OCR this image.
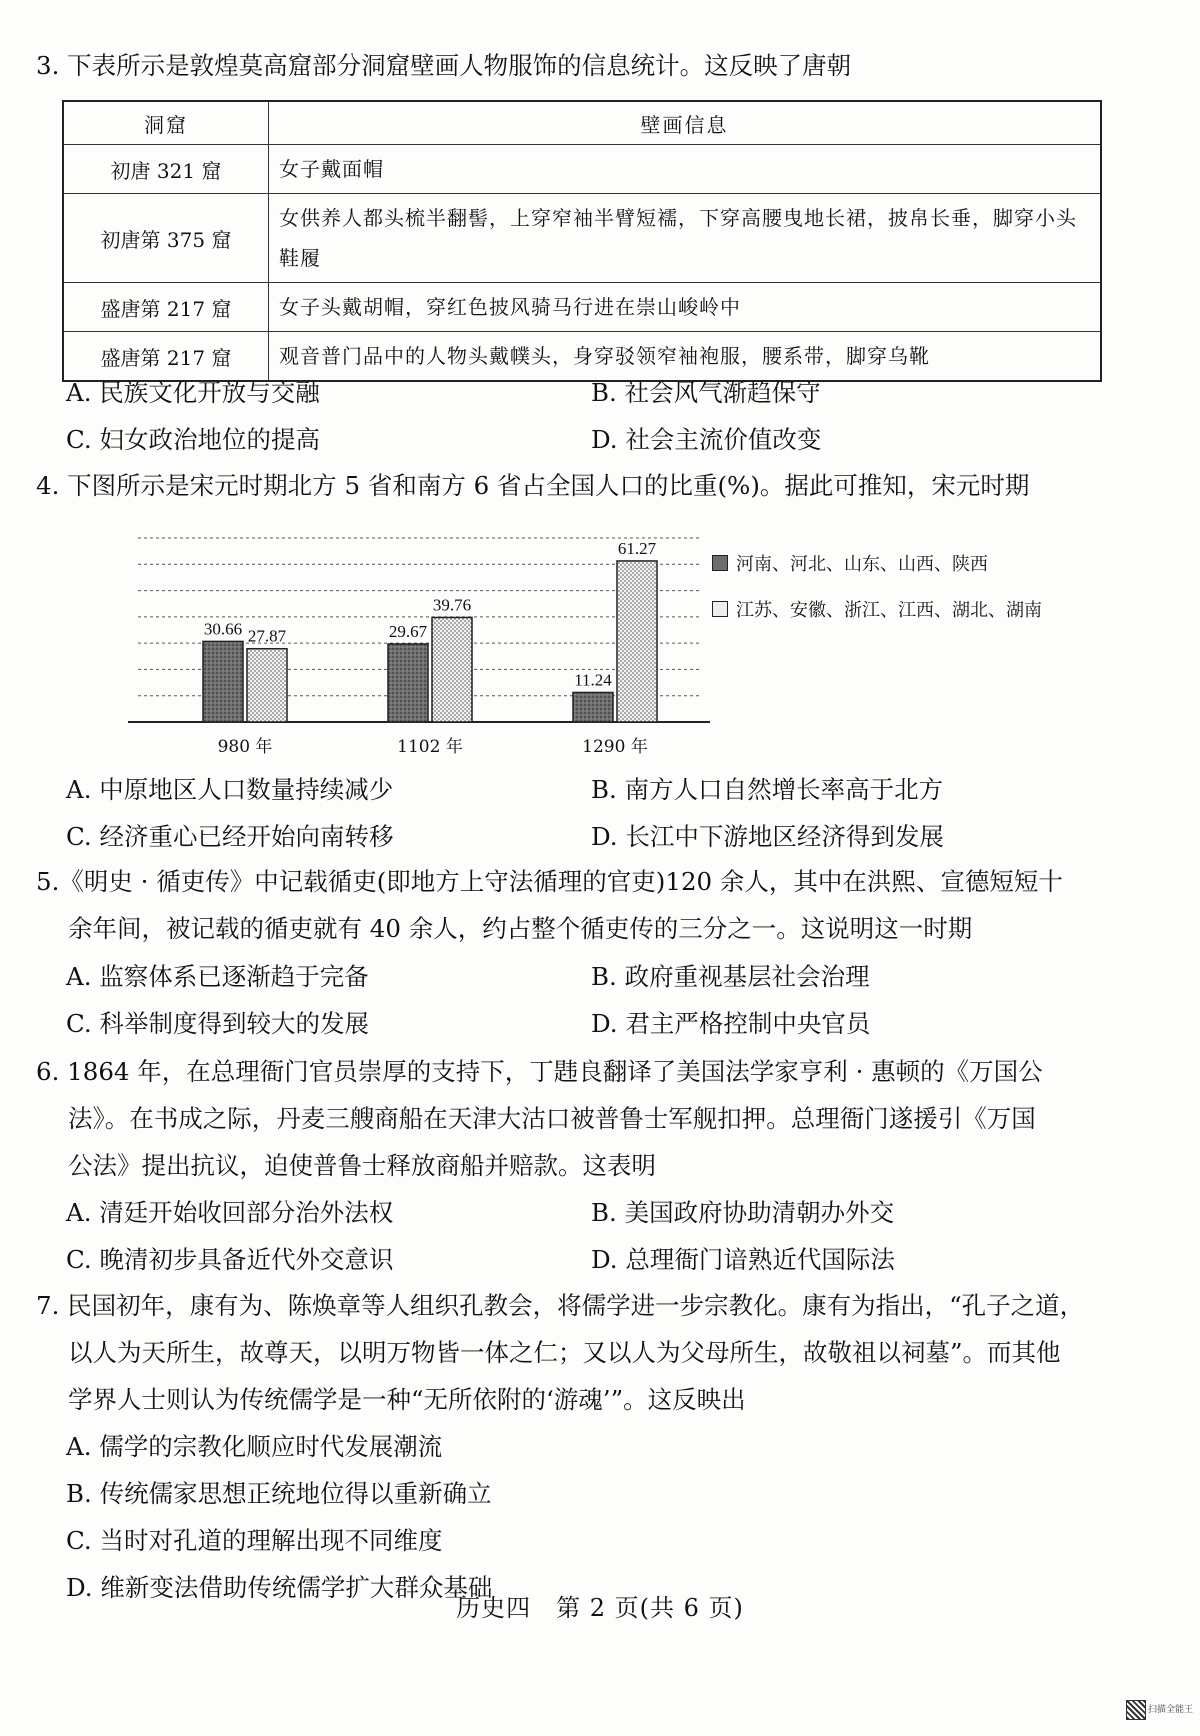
3. 下表所示是敦煌莫高窟部分洞窟壁画人物服饰的信息统计。这反映了唐朝
洞窟	壁画信息
初唐 321 窟	女子戴面帽
初唐第 375 窟	女供养人都头梳半翻髻，上穿窄袖半臂短襦，下穿高腰曳地长裙，披帛长垂，脚穿小头鞋履
盛唐第 217 窟	女子头戴胡帽，穿红色披风骑马行进在崇山峻岭中
盛唐第 217 窟	观音普门品中的人物头戴幞头，身穿驳领窄袖袍服，腰系带，脚穿乌靴
A. 民族文化开放与交融	B. 社会风气渐趋保守
C. 妇女政治地位的提高	D. 社会主流价值改变
4. 下图所示是宋元时期北方 5 省和南方 6 省占全国人口的比重(%)。据此可推知，宋元时期
30.66 27.87
980 年
29.67
39.76
1102 年
11.24
61.27
1290 年
河南、河北、山东、山西、陕西
江苏、安徽、浙江、江西、湖北、湖南
A. 中原地区人口数量持续减少	B. 南方人口自然增长率高于北方
C. 经济重心已经开始向南转移	D. 长江中下游地区经济得到发展
5.《明史 · 循吏传》中记载循吏(即地方上守法循理的官吏)120 余人，其中在洪熙、宣德短短十
余年间，被记载的循吏就有 40 余人，约占整个循吏传的三分之一。这说明这一时期
A. 监察体系已逐渐趋于完备	B. 政府重视基层社会治理
C. 科举制度得到较大的发展	D. 君主严格控制中央官员
6. 1864 年，在总理衙门官员崇厚的支持下，丁韪良翻译了美国法学家亨利 · 惠顿的《万国公
法》。在书成之际，丹麦三艘商船在天津大沽口被普鲁士军舰扣押。总理衙门遂援引《万国
公法》提出抗议，迫使普鲁士释放商船并赔款。这表明
A. 清廷开始收回部分治外法权	B. 美国政府协助清朝办外交
C. 晚清初步具备近代外交意识	D. 总理衙门谙熟近代国际法
7. 民国初年，康有为、陈焕章等人组织孔教会，将儒学进一步宗教化。康有为指出，“孔子之道，
以人为天所生，故尊天，以明万物皆一体之仁；又以人为父母所生，故敬祖以祠墓”。而其他
学界人士则认为传统儒学是一种“无所依附的‘游魂’”。这反映出
A. 儒学的宗教化顺应时代发展潮流
B. 传统儒家思想正统地位得以重新确立
C. 当时对孔道的理解出现不同维度
D. 维新变法借助传统儒学扩大群众基础
历史四　第 2 页(共 6 页)
扫描全能王
